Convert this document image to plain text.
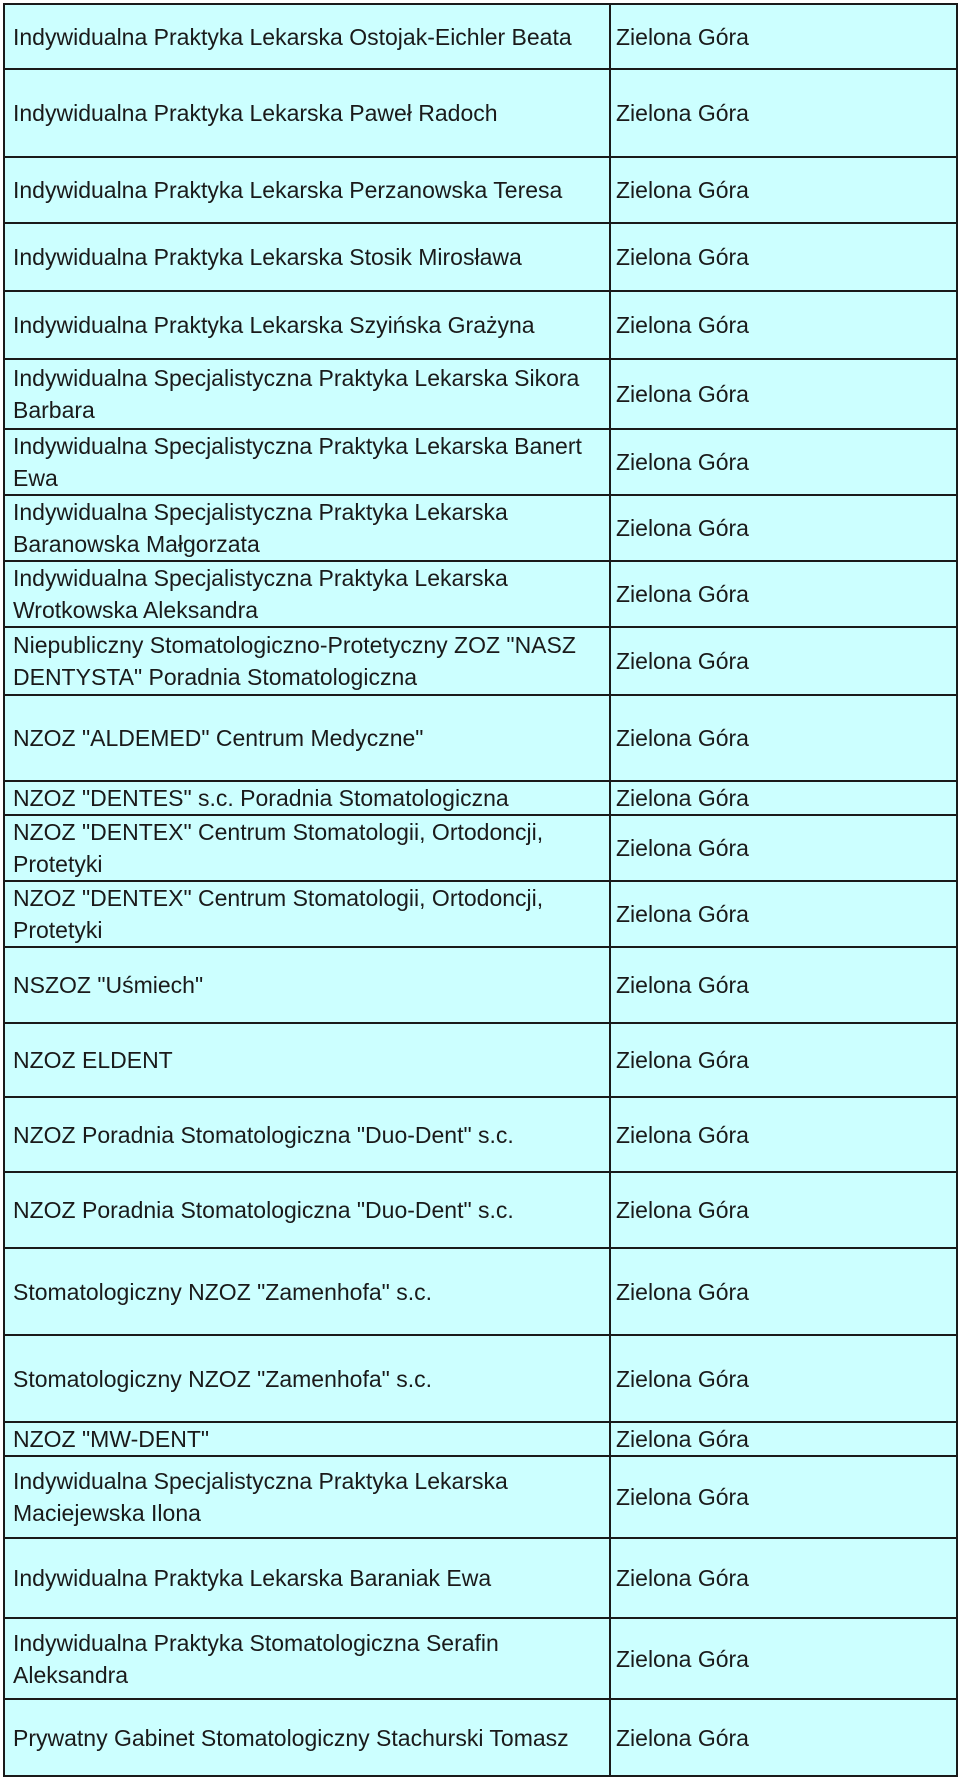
Indywidualna Praktyka Lekarska Ostojak-Eichler Beata	Zielona Góra
Indywidualna Praktyka Lekarska Paweł Radoch	Zielona Góra
Indywidualna Praktyka Lekarska Perzanowska Teresa	Zielona Góra
Indywidualna Praktyka Lekarska Stosik Mirosława	Zielona Góra
Indywidualna Praktyka Lekarska Szyińska Grażyna	Zielona Góra
Indywidualna Specjalistyczna Praktyka Lekarska Sikora Barbara	Zielona Góra
Indywidualna Specjalistyczna Praktyka Lekarska Banert Ewa	Zielona Góra
Indywidualna Specjalistyczna Praktyka Lekarska Baranowska Małgorzata	Zielona Góra
Indywidualna Specjalistyczna Praktyka Lekarska Wrotkowska Aleksandra	Zielona Góra
Niepubliczny Stomatologiczno-Protetyczny ZOZ "NASZ DENTYSTA" Poradnia Stomatologiczna	Zielona Góra
NZOZ "ALDEMED" Centrum Medyczne"	Zielona Góra
NZOZ "DENTES" s.c. Poradnia Stomatologiczna	Zielona Góra
NZOZ "DENTEX" Centrum Stomatologii, Ortodoncji, Protetyki	Zielona Góra
NZOZ "DENTEX" Centrum Stomatologii, Ortodoncji, Protetyki	Zielona Góra
NSZOZ "Uśmiech"	Zielona Góra
NZOZ ELDENT	Zielona Góra
NZOZ Poradnia Stomatologiczna "Duo-Dent" s.c.	Zielona Góra
NZOZ Poradnia Stomatologiczna "Duo-Dent" s.c.	Zielona Góra
Stomatologiczny NZOZ "Zamenhofa" s.c.	Zielona Góra
Stomatologiczny NZOZ "Zamenhofa" s.c.	Zielona Góra
NZOZ "MW-DENT"	Zielona Góra
Indywidualna Specjalistyczna Praktyka Lekarska Maciejewska Ilona	Zielona Góra
Indywidualna Praktyka Lekarska Baraniak Ewa	Zielona Góra
Indywidualna Praktyka Stomatologiczna Serafin Aleksandra	Zielona Góra
Prywatny Gabinet Stomatologiczny Stachurski Tomasz	Zielona Góra
